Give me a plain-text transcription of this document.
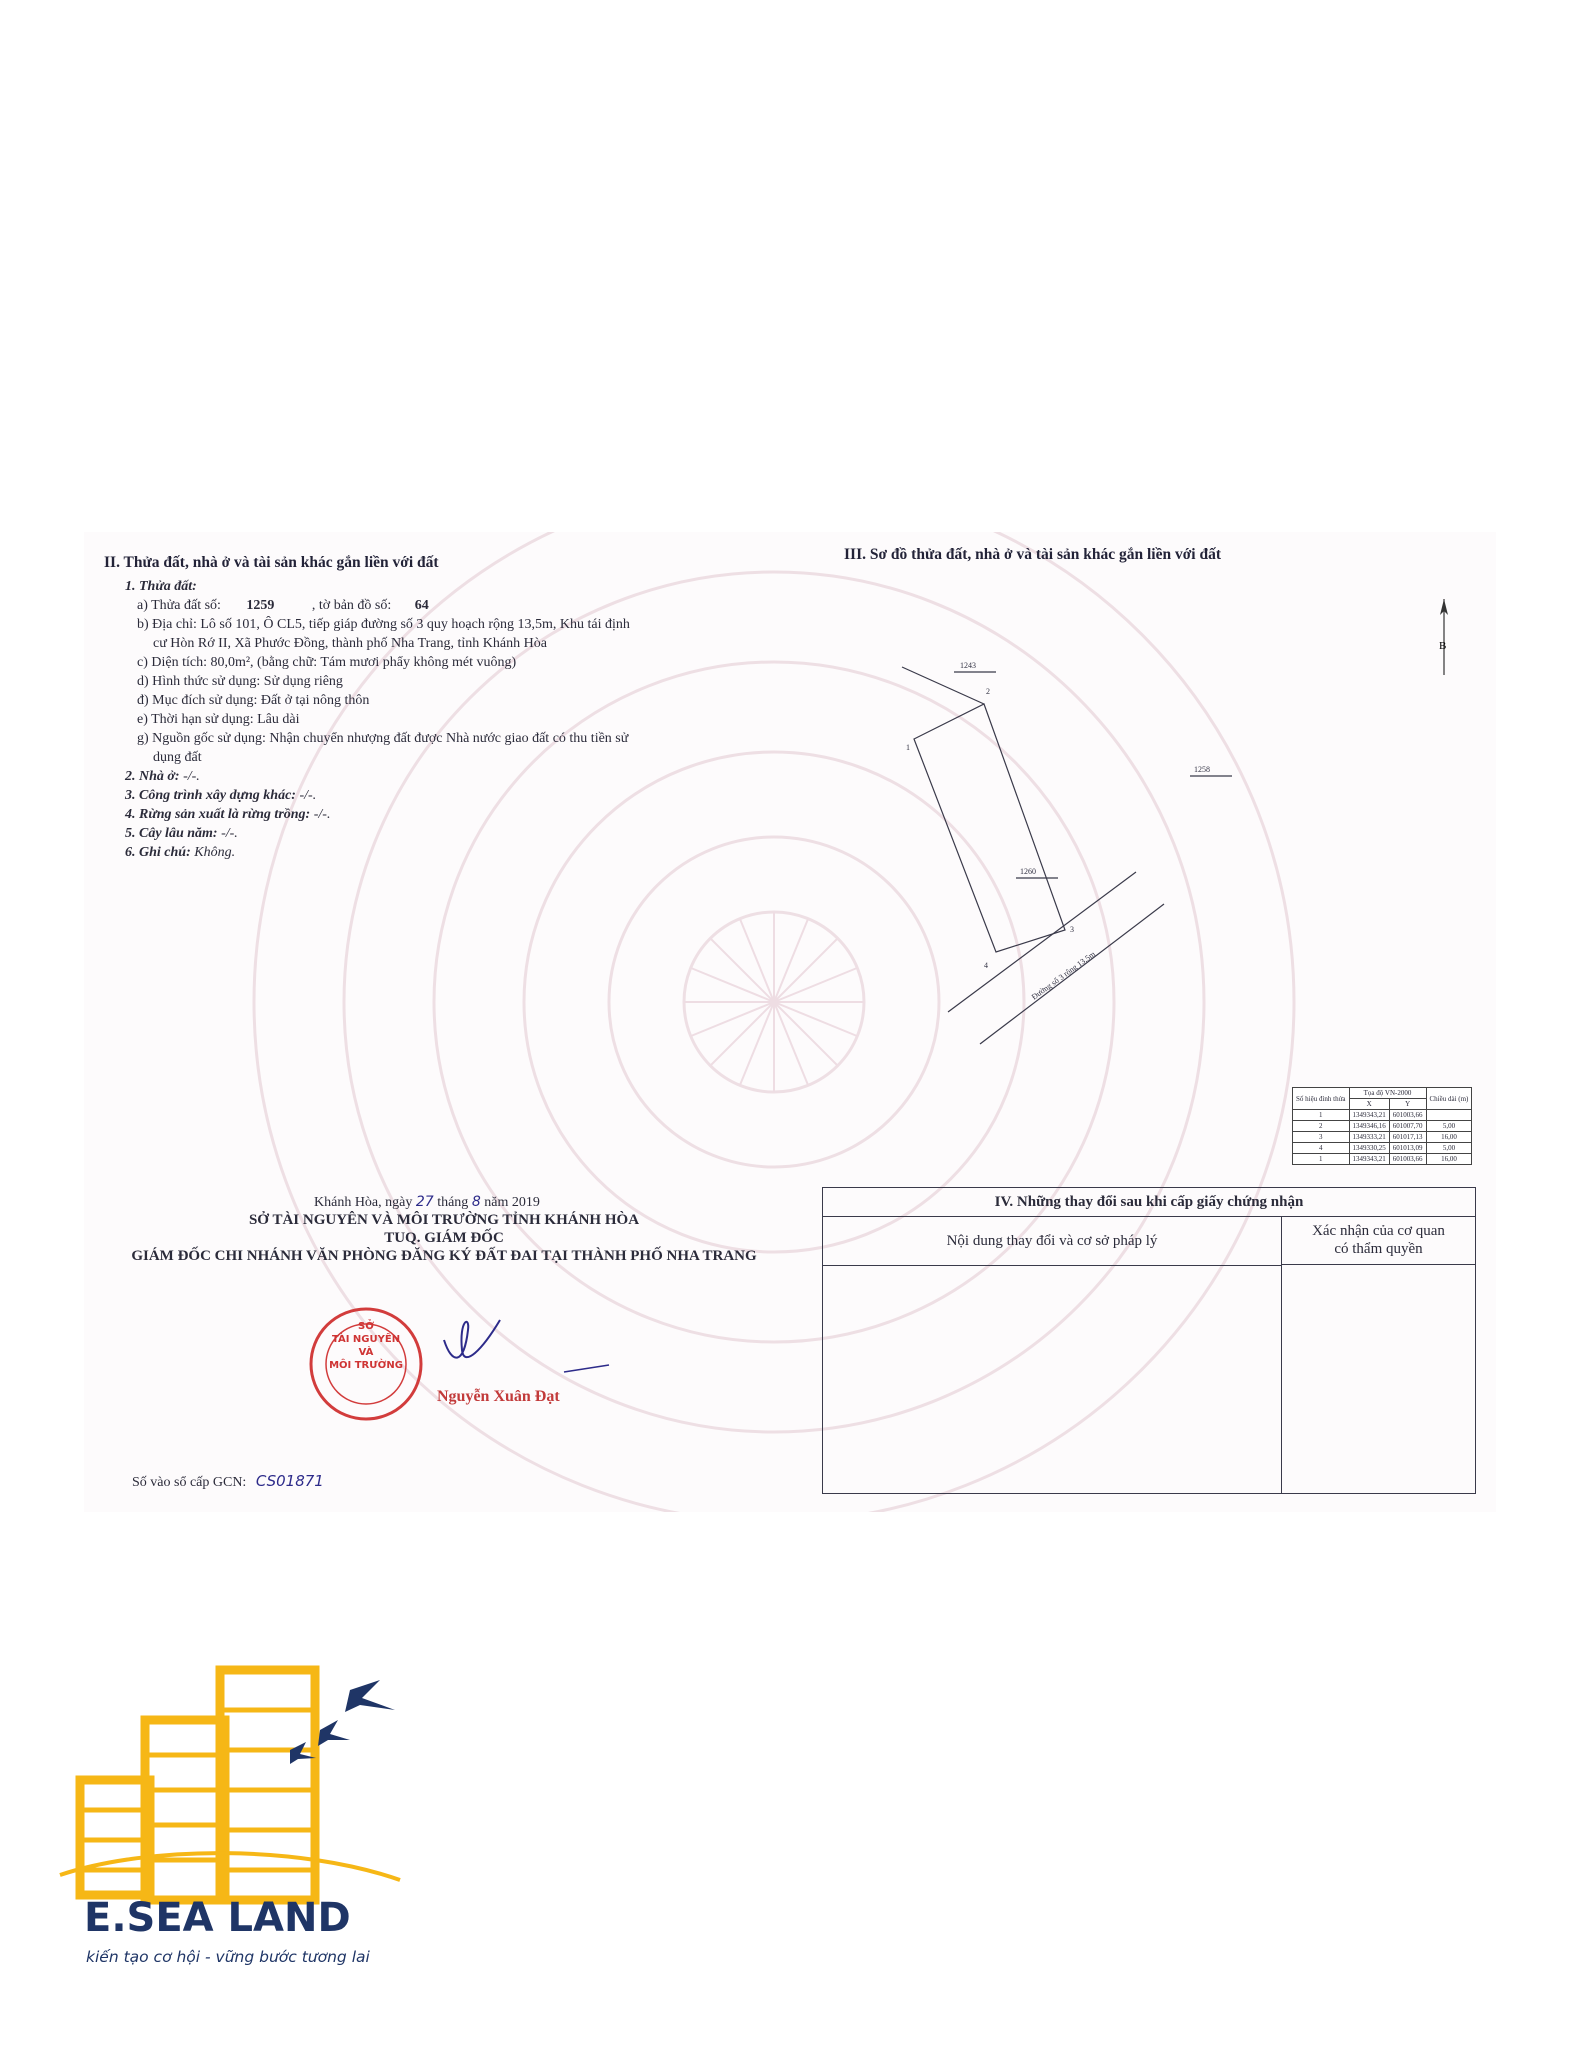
II. Thửa đất, nhà ở và tài sản khác gắn liền với đất
1. Thửa đất:
a) Thửa đất số: 1259	, tờ bản đồ số: 64
b) Địa chỉ: Lô số 101, Ô CL5, tiếp giáp đường số 3 quy hoạch rộng 13,5m, Khu tái định
cư Hòn Rớ II, Xã Phước Đồng, thành phố Nha Trang, tỉnh Khánh Hòa
c) Diện tích: 80,0m², (bằng chữ: Tám mươi phẩy không mét vuông)
d) Hình thức sử dụng: Sử dụng riêng
đ) Mục đích sử dụng: Đất ở tại nông thôn
e) Thời hạn sử dụng: Lâu dài
g) Nguồn gốc sử dụng: Nhận chuyển nhượng đất được Nhà nước giao đất có thu tiền sử
dụng đất
2. Nhà ở: -/-.
3. Công trình xây dựng khác: -/-.
4. Rừng sản xuất là rừng trồng: -/-.
5. Cây lâu năm: -/-.
6. Ghi chú: Không.
III. Sơ đồ thửa đất, nhà ở và tài sản khác gắn liền với đất
B
1243
1258
1260
1
2
3
4	Đường số 3 rộng 13,5m
Số hiệu đỉnh thửa	Tọa độ VN-2000		Chiều dài (m)
	X	Y	
1	1349343,21	601003,66	
2	1349346,16	601007,70	5,00
3	1349333,21	601017,13	16,00
4	1349330,25	601013,09	5,00
1	1349343,21	601003,66	16,00
IV. Những thay đổi sau khi cấp giấy chứng nhận
Nội dung thay đổi và cơ sở pháp lý
Xác nhận của cơ quan
có thẩm quyền
Khánh Hòa, ngày 27 tháng 8 năm 2019
SỞ TÀI NGUYÊN VÀ MÔI TRƯỜNG TỈNH KHÁNH HÒA
TUQ. GIÁM ĐỐC
GIÁM ĐỐC CHI NHÁNH VĂN PHÒNG ĐĂNG KÝ ĐẤT ĐAI TẠI THÀNH PHỐ NHA TRANG
SỞ
TÀI NGUYÊN
VÀ
MÔI TRƯỜNG
Nguyễn Xuân Đạt
Số vào sổ cấp GCN: CS01871
E.SEA LAND
kiến tạo cơ hội - vững bước tương lai
